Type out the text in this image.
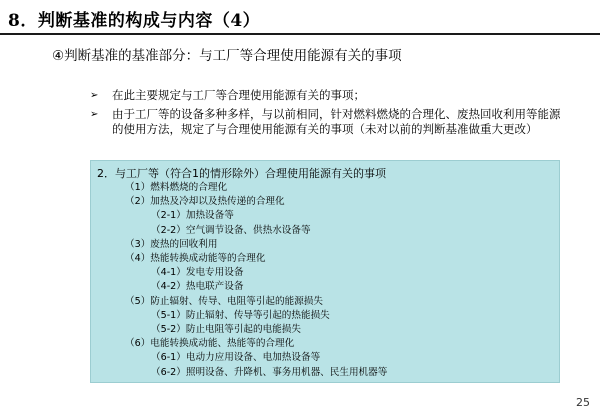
8．判断基准的构成与内容（4）
④判断基准的基准部分：与工厂等合理使用能源有关的事项
➢ 在此主要规定与工厂等合理使用能源有关的事项；
➢ 由于工厂等的设备多种多样，与以前相同，针对燃料燃烧的合理化、废热回收利用等能源的使用方法，规定了与合理使用能源有关的事项（未对以前的判断基准做重大更改）
2．与工厂等（符合1的情形除外）合理使用能源有关的事项
（1）燃料燃烧的合理化
（2）加热及冷却以及热传递的合理化
（2-1）加热设备等
（2-2）空气调节设备、供热水设备等
（3）废热的回收利用
（4）热能转换成动能等的合理化
（4-1）发电专用设备
（4-2）热电联产设备
（5）防止辐射、传导、电阻等引起的能源损失
（5-1）防止辐射、传导等引起的热能损失
（5-2）防止电阻等引起的电能损失
（6）电能转换成动能、热能等的合理化
（6-1）电动力应用设备、电加热设备等
（6-2）照明设备、升降机、事务用机器、民生用机器等
25
